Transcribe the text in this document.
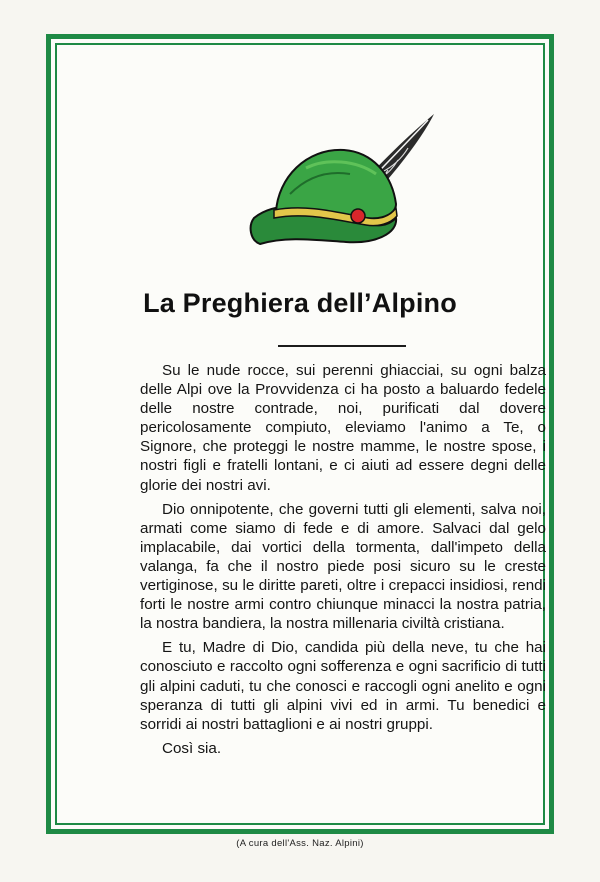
La Preghiera dell’Alpino

Su le nude rocce, sui perenni ghiacciai, su ogni balza delle Alpi ove la Provvidenza ci ha posto a baluardo fedele delle nostre contrade, noi, purificati dal dovere pericolosamente compiuto, eleviamo l'animo a Te, o Signore, che proteggi le nostre mamme, le nostre spose, i nostri figli e fratelli lontani, e ci aiuti ad essere degni delle glorie dei nostri avi.

Dio onnipotente, che governi tutti gli elementi, salva noi, armati come siamo di fede e di amore. Salvaci dal gelo implacabile, dai vortici della tormenta, dall'impeto della valanga, fa che il nostro piede posi sicuro su le creste vertiginose, su le diritte pareti, oltre i crepacci insidiosi, rendi forti le nostre armi contro chiunque minacci la nostra patria, la nostra bandiera, la nostra millenaria civiltà cristiana.

E tu, Madre di Dio, candida più della neve, tu che hai conosciuto e raccolto ogni sofferenza e ogni sacrificio di tutti gli alpini caduti, tu che conosci e raccogli ogni anelito e ogni speranza di tutti gli alpini vivi ed in armi. Tu benedici e sorridi ai nostri battaglioni e ai nostri gruppi.

Così sia.

(A cura dell'Ass. Naz. Alpini)
